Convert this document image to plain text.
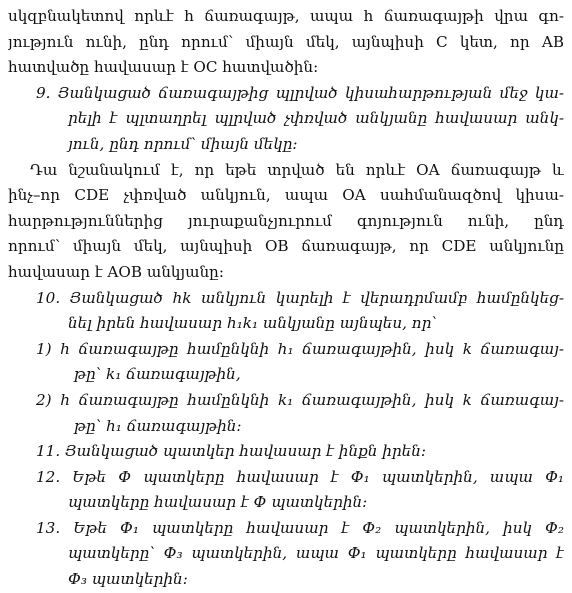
սկզբնակետով որևէ h ճառագայթ, ապա h ճառագայթի վրա գո-
յություն ունի, ընդ որում՝ միայն մեկ, այնպիսի C կետ, որ AB
հատվածը հավասար է OC հատվածին:
9. Յանկացած ճառագայթից պլրված կիսահարթության մեջ կա-
րելի է պլտաղրել պլրված չփռված անկյանը հավասար անկ-
յուն, ընդ որում՝ միայն մեկը:
Դա նշանակում է, որ եթե տրված են որևէ OA ճառագայթ և
ինչ–որ CDE չփռված անկյուն, ապա OA սահմանազծով կիսա-
հարթություններից յուրաքանչյուրում գոյություն ունի, ընդ
որում՝ միայն մեկ, այնպիսի OB ճառագայթ, որ CDE անկյունը
հավասար է AOB անկյանը:
10. Յանկացած hk անկյուն կարելի է վերադրմամբ համընկեց-
նել իրեն հավասար h₁k₁ անկյանը այնպես, որ՝
1) h ճառագայթը համընկնի h₁ ճառագայթին, իսկ k ճառագայ-
թը՝ k₁ ճառագայթին,
2) h ճառագայթը համընկնի k₁ ճառագայթին, իսկ k ճառագայ-
թը՝ h₁ ճառագայթին:
11. Յանկացած պատկեր հավասար է ինքն իրեն:
12. Եթե Փ պատկերը հավասար է Փ₁ պատկերին, ապա Փ₁
պատկերը հավասար է Փ պատկերին:
13. Եթե Փ₁ պատկերը հավասար է Փ₂ պատկերին, իսկ Փ₂
պատկերը՝ Փ₃ պատկերին, ապա Փ₁ պատկերը հավասար է
Փ₃ պատկերին:
